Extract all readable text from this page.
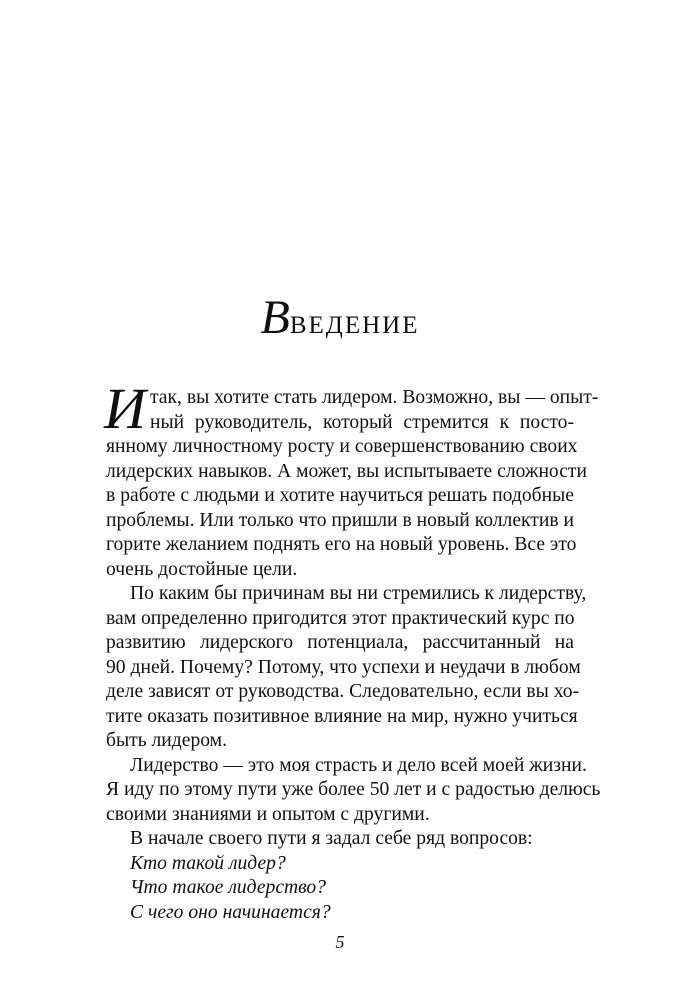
Введение
И так, вы хотите стать лидером. Возможно, вы — опыт-
ный руководитель, который стремится к посто-
янному личностному росту и совершенствованию своих
лидерских навыков. А может, вы испытываете сложности
в работе с людьми и хотите научиться решать подобные
проблемы. Или только что пришли в новый коллектив и
горите желанием поднять его на новый уровень. Все это
очень достойные цели.
По каким бы причинам вы ни стремились к лидерству,
вам определенно пригодится этот практический курс по
развитию лидерского потенциала, рассчитанный на
90 дней. Почему? Потому, что успехи и неудачи в любом
деле зависят от руководства. Следовательно, если вы хо-
тите оказать позитивное влияние на мир, нужно учиться
быть лидером.
Лидерство — это моя страсть и дело всей моей жизни.
Я иду по этому пути уже более 50 лет и с радостью делюсь
своими знаниями и опытом с другими.
В начале своего пути я задал себе ряд вопросов:
Кто такой лидер?
Что такое лидерство?
С чего оно начинается?
5
